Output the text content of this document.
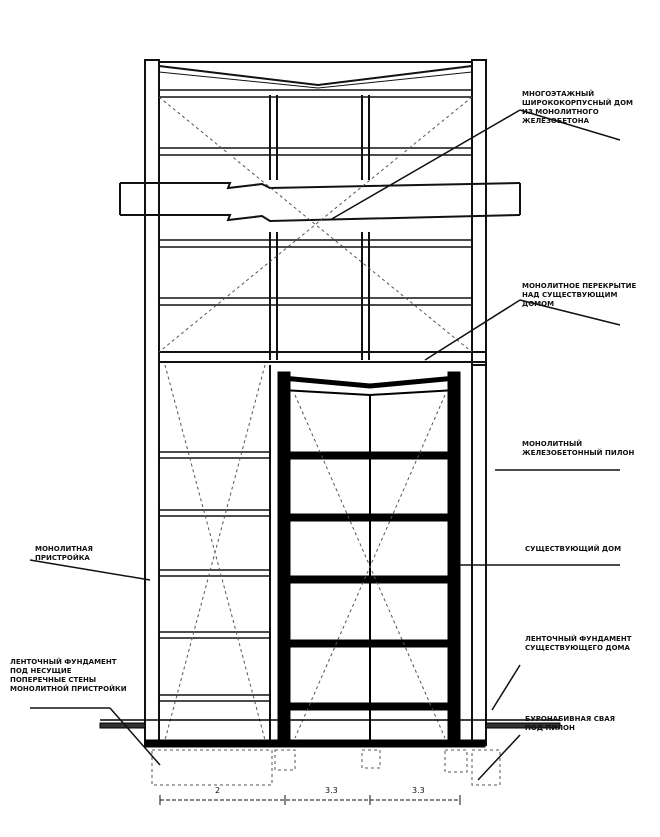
МНОГОЭТАЖНЫЙ
ШИРОКОКОРПУСНЫЙ ДОМ
ИЗ МОНОЛИТНОГО
ЖЕЛЕЗОБЕТОНА
МОНОЛИТНОЕ ПЕРЕКРЫТИЕ
НАД СУЩЕСТВУЮЩИМ
ДОМОМ
МОНОЛИТНЫЙ
ЖЕЛЕЗОБЕТОННЫЙ ПИЛОН
МОНОЛИТНАЯ
ПРИСТРОЙКА
СУЩЕСТВУЮЩИЙ ДОМ
ЛЕНТОЧНЫЙ ФУНДАМЕНТ
ПОД НЕСУЩИЕ
ПОПЕРЕЧНЫЕ СТЕНЫ
МОНОЛИТНОЙ ПРИСТРОЙКИ
ЛЕНТОЧНЫЙ ФУНДАМЕНТ
СУЩЕСТВУЮЩЕГО ДОМА
БУРОНАБИВНАЯ СВАЯ
ПОД ПИЛОН
2	3.3	3.3
